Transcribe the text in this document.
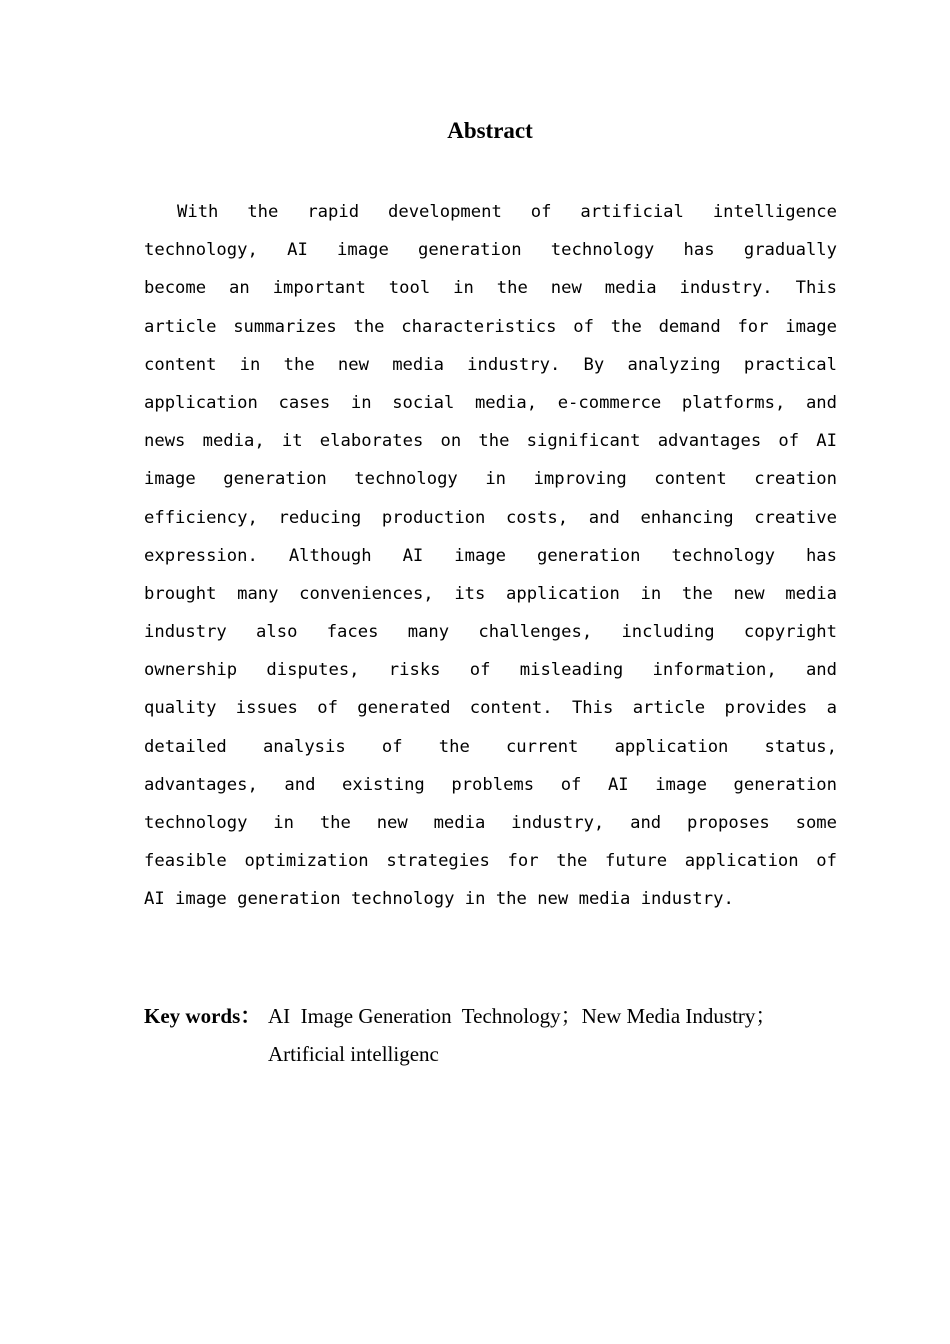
Abstract
With the rapid development of artificial intelligence
technology, AI image generation technology has gradually
become an important tool in the new media industry. This
article summarizes the characteristics of the demand for image
content in the new media industry. By analyzing practical
application cases in social media, e-commerce platforms, and
news media, it elaborates on the significant advantages of AI
image generation technology in improving content creation
efficiency, reducing production costs, and enhancing creative
expression. Although AI image generation technology has
brought many conveniences, its application in the new media
industry also faces many challenges, including copyright
ownership disputes, risks of misleading information, and
quality issues of generated content. This article provides a
detailed analysis of the current application status,
advantages, and existing problems of AI image generation
technology in the new media industry, and proposes some
feasible optimization strategies for the future application of
AI image generation technology in the new media industry.
Key words： AI  Image Generation  Technology；New Media Industry；
Artificial intelligenc
